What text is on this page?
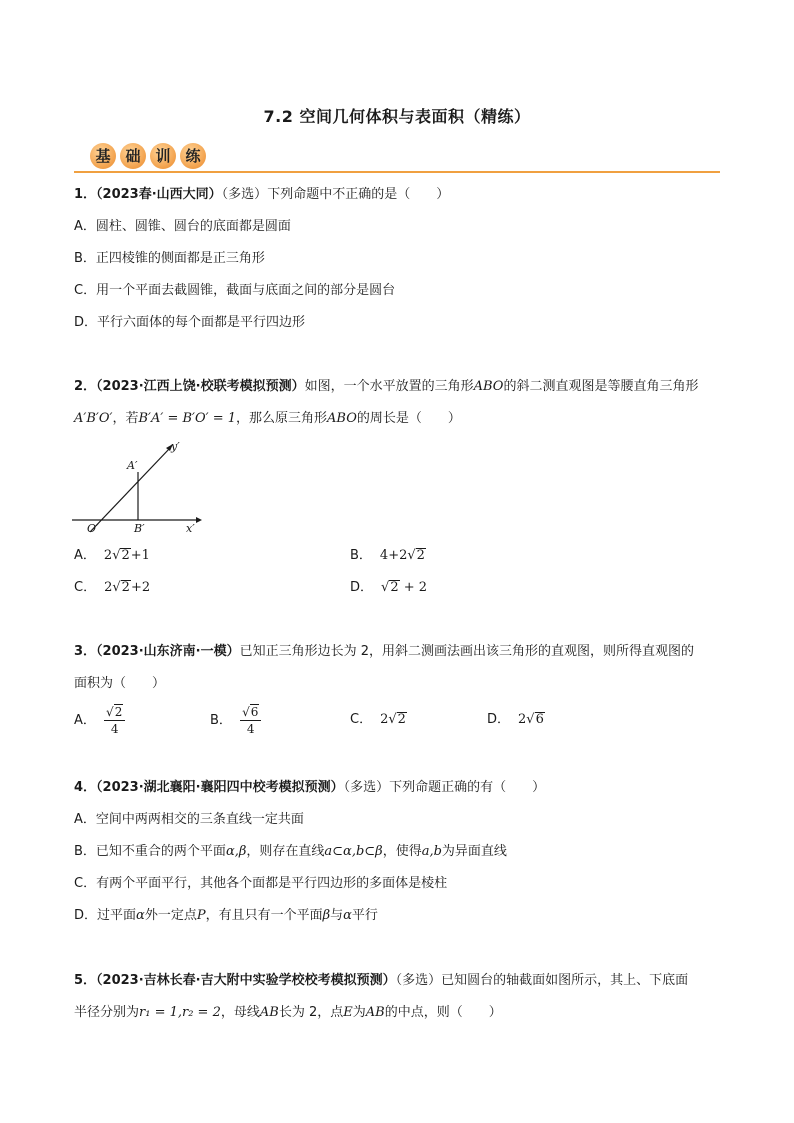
7.2 空间几何体积与表面积（精练）
基 础 训 练
1．（2023春·山西大同）（多选）下列命题中不正确的是（　　）
A．圆柱、圆锥、圆台的底面都是圆面
B．正四棱锥的侧面都是正三角形
C．用一个平面去截圆锥，截面与底面之间的部分是圆台
D．平行六面体的每个面都是平行四边形
2．（2023·江西上饶·校联考模拟预测）如图，一个水平放置的三角形ABO的斜二测直观图是等腰直角三角形
A′B′O′，若B′A′ = B′O′ = 1，那么原三角形ABO的周长是（　　）
O′
A′
B′	x′
y′
A． 2√2+1	B． 4+2√2
C． 2√2+2	D． √2 + 2
3．（2023·山东济南·一模）已知正三角形边长为 2，用斜二测画法画出该三角形的直观图，则所得直观图的
面积为（　　）
A． $\frac{√2}{4}$	B． $\frac{√6}{4}$	C． 2√2	D． 2√6
4．（2023·湖北襄阳·襄阳四中校考模拟预测）（多选）下列命题正确的有（　　）
A．空间中两两相交的三条直线一定共面
B．已知不重合的两个平面α,β，则存在直线a⊂α,b⊂β，使得a,b为异面直线
C．有两个平面平行，其他各个面都是平行四边形的多面体是棱柱
D．过平面α外一定点P，有且只有一个平面β与α平行
5．（2023·吉林长春·吉大附中实验学校校考模拟预测）（多选）已知圆台的轴截面如图所示，其上、下底面
半径分别为r₁ = 1,r₂ = 2，母线AB长为 2，点E为AB的中点，则（　　）
